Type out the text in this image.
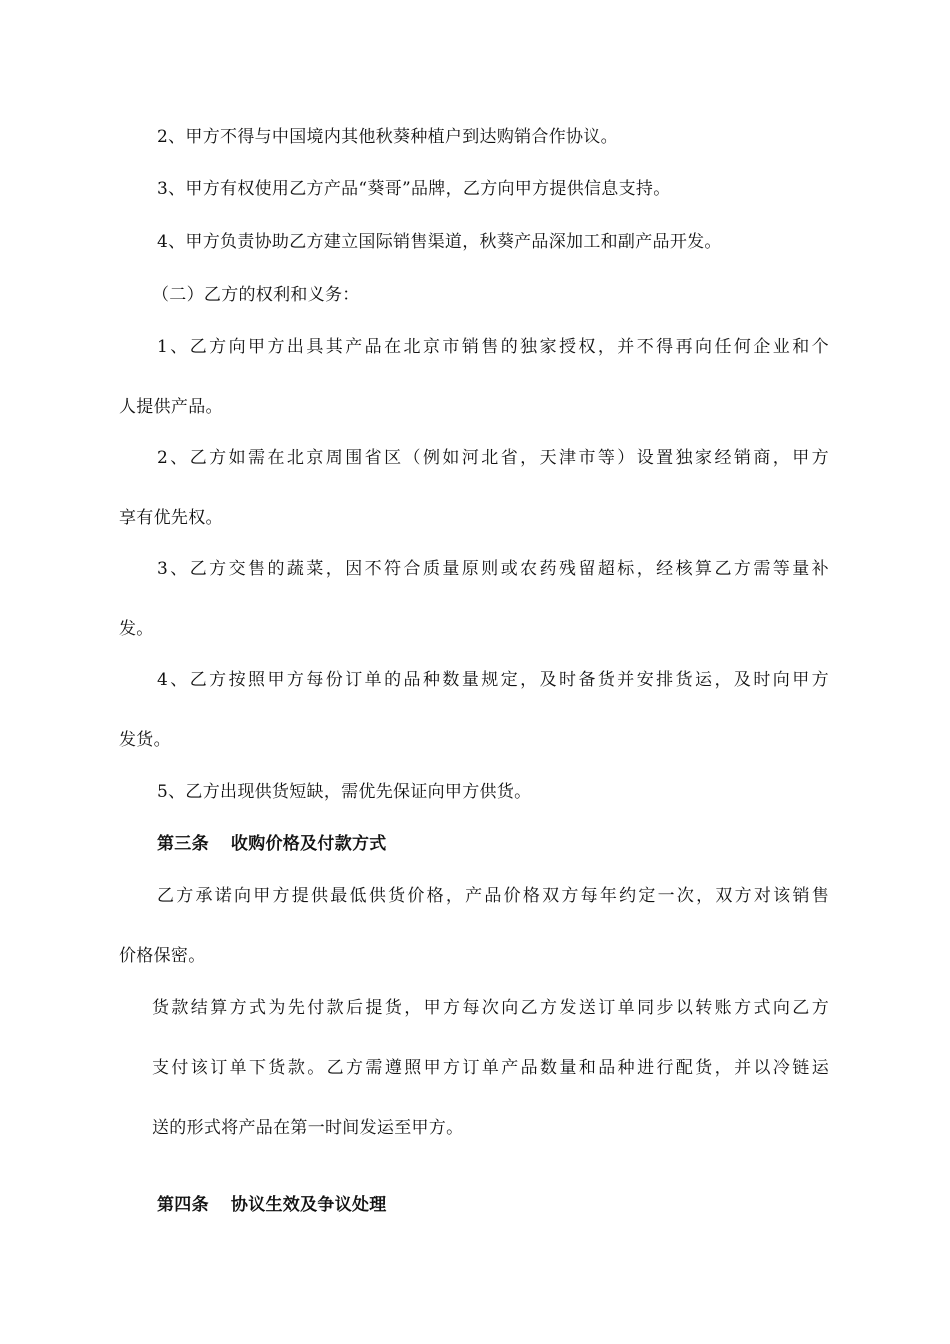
2、甲方不得与中国境内其他秋葵种植户到达购销合作协议。
3、甲方有权使用乙方产品“葵哥”品牌，乙方向甲方提供信息支持。
4、甲方负责协助乙方建立国际销售渠道，秋葵产品深加工和副产品开发。
（二）乙方的权利和义务：
1、乙方向甲方出具其产品在北京市销售的独家授权，并不得再向任何企业和个
人提供产品。
2、乙方如需在北京周围省区（例如河北省，天津市等）设置独家经销商，甲方
享有优先权。
3、乙方交售的蔬菜，因不符合质量原则或农药残留超标，经核算乙方需等量补
发。
4、乙方按照甲方每份订单的品种数量规定，及时备货并安排货运，及时向甲方
发货。
5、乙方出现供货短缺，需优先保证向甲方供货。
第三条 收购价格及付款方式
乙方承诺向甲方提供最低供货价格，产品价格双方每年约定一次，双方对该销售
价格保密。
货款结算方式为先付款后提货，甲方每次向乙方发送订单同步以转账方式向乙方
支付该订单下货款。乙方需遵照甲方订单产品数量和品种进行配货，并以冷链运
送的形式将产品在第一时间发运至甲方。
第四条 协议生效及争议处理
